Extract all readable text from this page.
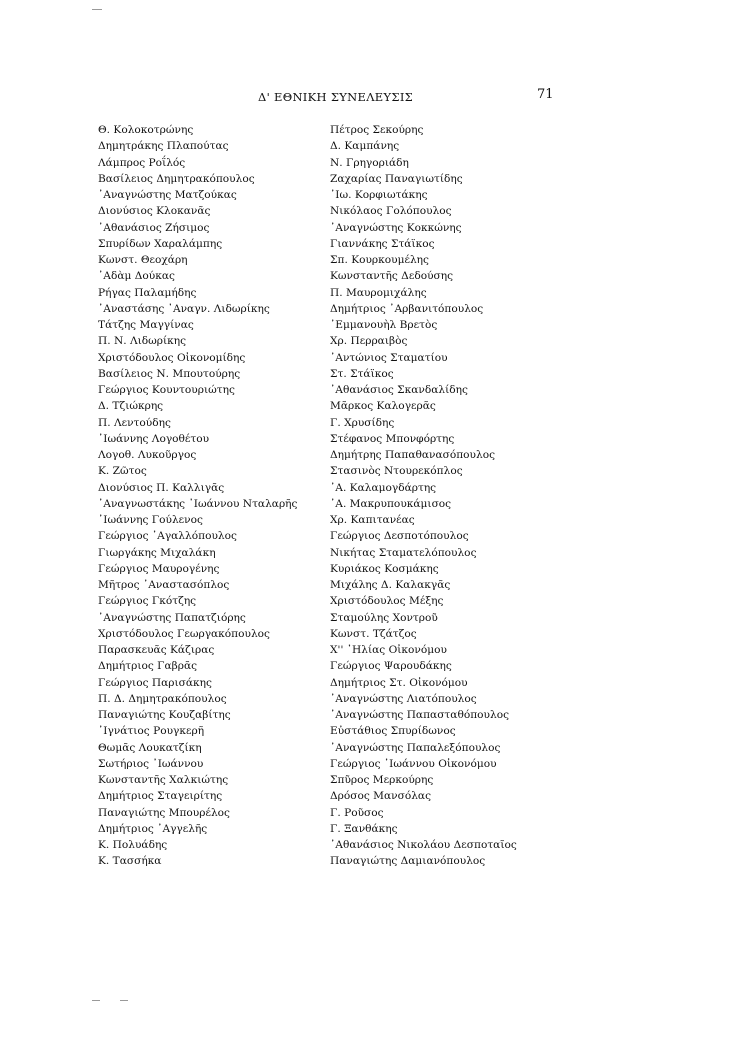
Δ' ΕΘΝΙΚΗ ΣΥΝΕΛΕΥΣΙΣ	71
Θ. Κολοκοτρώνης
Δημητράκης Πλαπούτας
Λάμπρος Ροΐλός
Βασίλειος Δημητρακόπουλος
᾿Αναγνώστης Ματζούκας
Διονύσιος Κλοκανᾶς
᾿Αθανάσιος Ζήσιμος
Σπυρίδων Χαραλάμπης
Κωνστ. Θεοχάρη
᾿Αδὰμ Δούκας
Ρήγας Παλαμήδης
᾿Αναστάσης ᾿Αναγν. Λιδωρίκης
Τάτζης Μαγγίνας
Π. Ν. Λιδωρίκης
Χριστόδουλος Οἰκονομίδης
Βασίλειος Ν. Μπουτούρης
Γεώργιος Κουντουριώτης
Δ. Τζιώκρης
Π. Λεντούδης
᾿Ιωάννης Λογοθέτου
Λογοθ. Λυκοῦργος
Κ. Ζῶτος
Διονύσιος Π. Καλλιγᾶς
᾿Αναγνωστάκης ᾿Ιωάννου Νταλαρῆς
᾿Ιωάννης Γούλενος
Γεώργιος ᾿Αγαλλόπουλος
Γιωργάκης Μιχαλάκη
Γεώργιος Μαυρογένης
Μῆτρος ᾿Αναστασόπλος
Γεώργιος Γκότζης
᾿Αναγνώστης Παπατζιόρης
Χριστόδουλος Γεωργακόπουλος
Παρασκευᾶς Κάζιρας
Δημήτριος Γαβρᾶς
Γεώργιος Παρισάκης
Π. Δ. Δημητρακόπουλος
Παναγιώτης Κουζαβίτης
᾿Ιγνάτιος Ρουγκερῆ
Θωμᾶς Λουκατζίκη
Σωτήριος ᾿Ιωάννου
Κωνσταντῆς Χαλκιώτης
Δημήτριος Σταγειρίτης
Παναγιώτης Μπουρέλος
Δημήτριος ᾿Αγγελῆς
Κ. Πολυάδης
Κ. Τασσήκα
Πέτρος Σεκούρης
Δ. Καμπάνης
Ν. Γρηγοριάδη
Ζαχαρίας Παναγιωτίδης
᾿Ιω. Κορφιωτάκης
Νικόλαος Γολόπουλος
᾿Αναγνώστης Κοκκώνης
Γιαννάκης Στάϊκος
Σπ. Κουρκουμέλης
Κωνσταντῆς Δεδούσης
Π. Μαυρομιχάλης
Δημήτριος ᾿Αρβανιτόπουλος
᾿Εμμανουὴλ Βρετὸς
Χρ. Περραιβὸς
᾿Αντώνιος Σταματίου
Στ. Στάϊκος
᾿Αθανάσιος Σκανδαλίδης
Μᾶρκος Καλογερᾶς
Γ. Χρυσίδης
Στέφανος Μπονφόρτης
Δημήτρης Παπαθανασόπουλος
Στασινὸς Ντουρεκόπλος
᾿Α. Καλαμογδάρτης
᾿Α. Μακρυπουκάμισος
Χρ. Καπιτανέας
Γεώργιος Δεσποτόπουλος
Νικήτας Σταματελόπουλος
Κυριάκος Κοσμάκης
Μιχάλης Δ. Καλακγᾶς
Χριστόδουλος Μέξης
Σταμούλης Χοντροῦ
Κωνστ. Τζάτζος
Χ'' ᾿Ηλίας Οἰκονόμου
Γεώργιος Ψαρουδάκης
Δημήτριος Στ. Οἰκονόμου
᾿Αναγνώστης Λιατόπουλος
᾿Αναγνώστης Παπασταθόπουλος
Εὐστάθιος Σπυρίδωνος
᾿Αναγνώστης Παπαλεξόπουλος
Γεώργιος ᾿Ιωάννου Οἰκονόμου
Σπῦρος Μερκούρης
Δρόσος Μανσόλας
Γ. Ροῦσος
Γ. Ξανθάκης
᾿Αθανάσιος Νικολάου Δεσποταῖος
Παναγιώτης Δαμιανόπουλος
